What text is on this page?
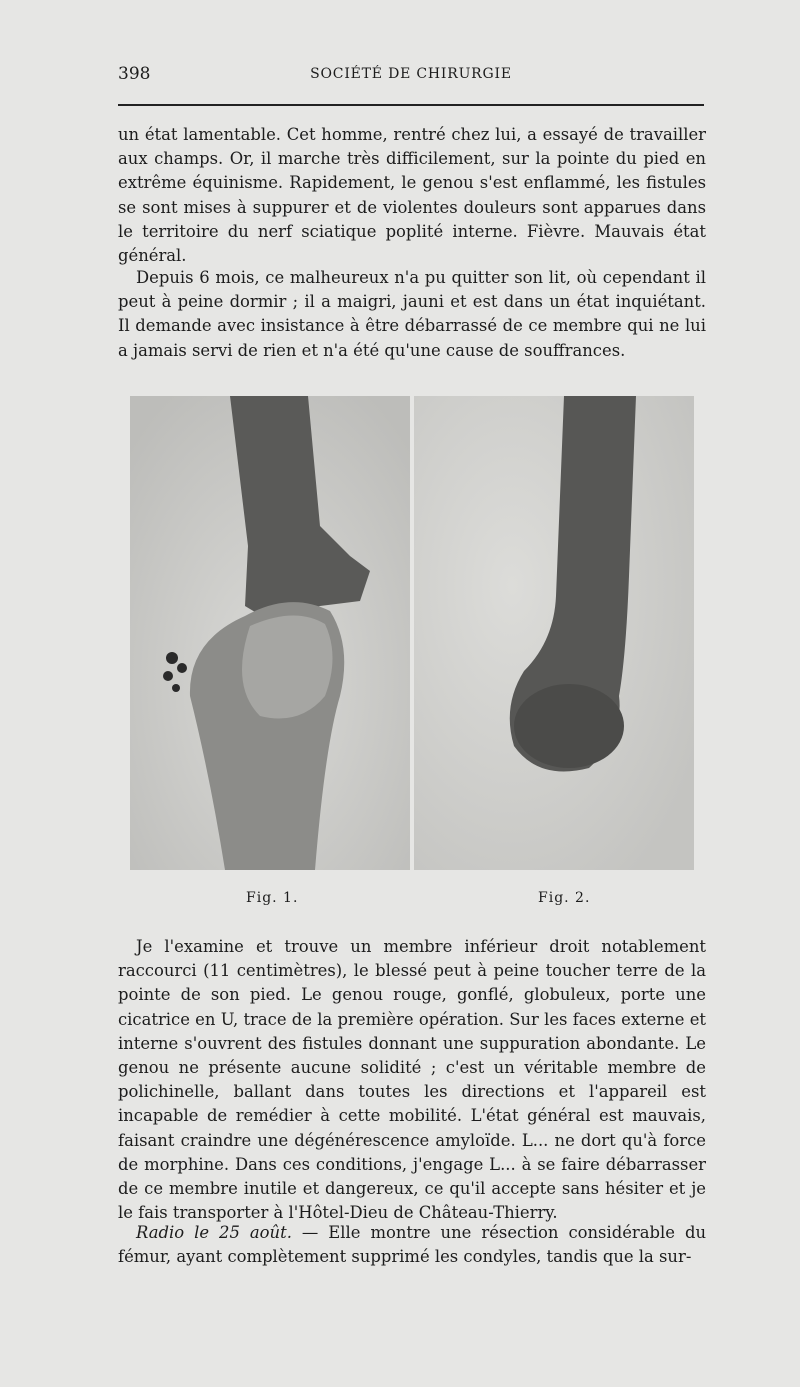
398	SOCIÉTÉ DE CHIRURGIE

un état lamentable. Cet homme, rentré chez lui, a essayé de travailler aux champs. Or, il marche très difficilement, sur la pointe du pied en extrême équinisme. Rapidement, le genou s'est enflammé, les fistules se sont mises à suppurer et de violentes douleurs sont apparues dans le territoire du nerf sciatique poplité interne. Fièvre. Mauvais état général.

Depuis 6 mois, ce malheureux n'a pu quitter son lit, où cependant il peut à peine dormir ; il a maigri, jauni et est dans un état inquiétant. Il demande avec insistance à être débarrassé de ce membre qui ne lui a jamais servi de rien et n'a été qu'une cause de souffrances.

Fig. 1.	Fig. 2.

Je l'examine et trouve un membre inférieur droit notablement raccourci (11 centimètres), le blessé peut à peine toucher terre de la pointe de son pied. Le genou rouge, gonflé, globuleux, porte une cicatrice en U, trace de la première opération. Sur les faces externe et interne s'ouvrent des fistules donnant une suppuration abondante. Le genou ne présente aucune solidité ; c'est un véritable membre de polichinelle, ballant dans toutes les directions et l'appareil est incapable de remédier à cette mobilité. L'état général est mauvais, faisant craindre une dégénérescence amyloïde. L... ne dort qu'à force de morphine. Dans ces conditions, j'engage L... à se faire débarrasser de ce membre inutile et dangereux, ce qu'il accepte sans hésiter et je le fais transporter à l'Hôtel-Dieu de Château-Thierry.

Radio le 25 août. — Elle montre une résection considérable du fémur, ayant complètement supprimé les condyles, tandis que la sur-
